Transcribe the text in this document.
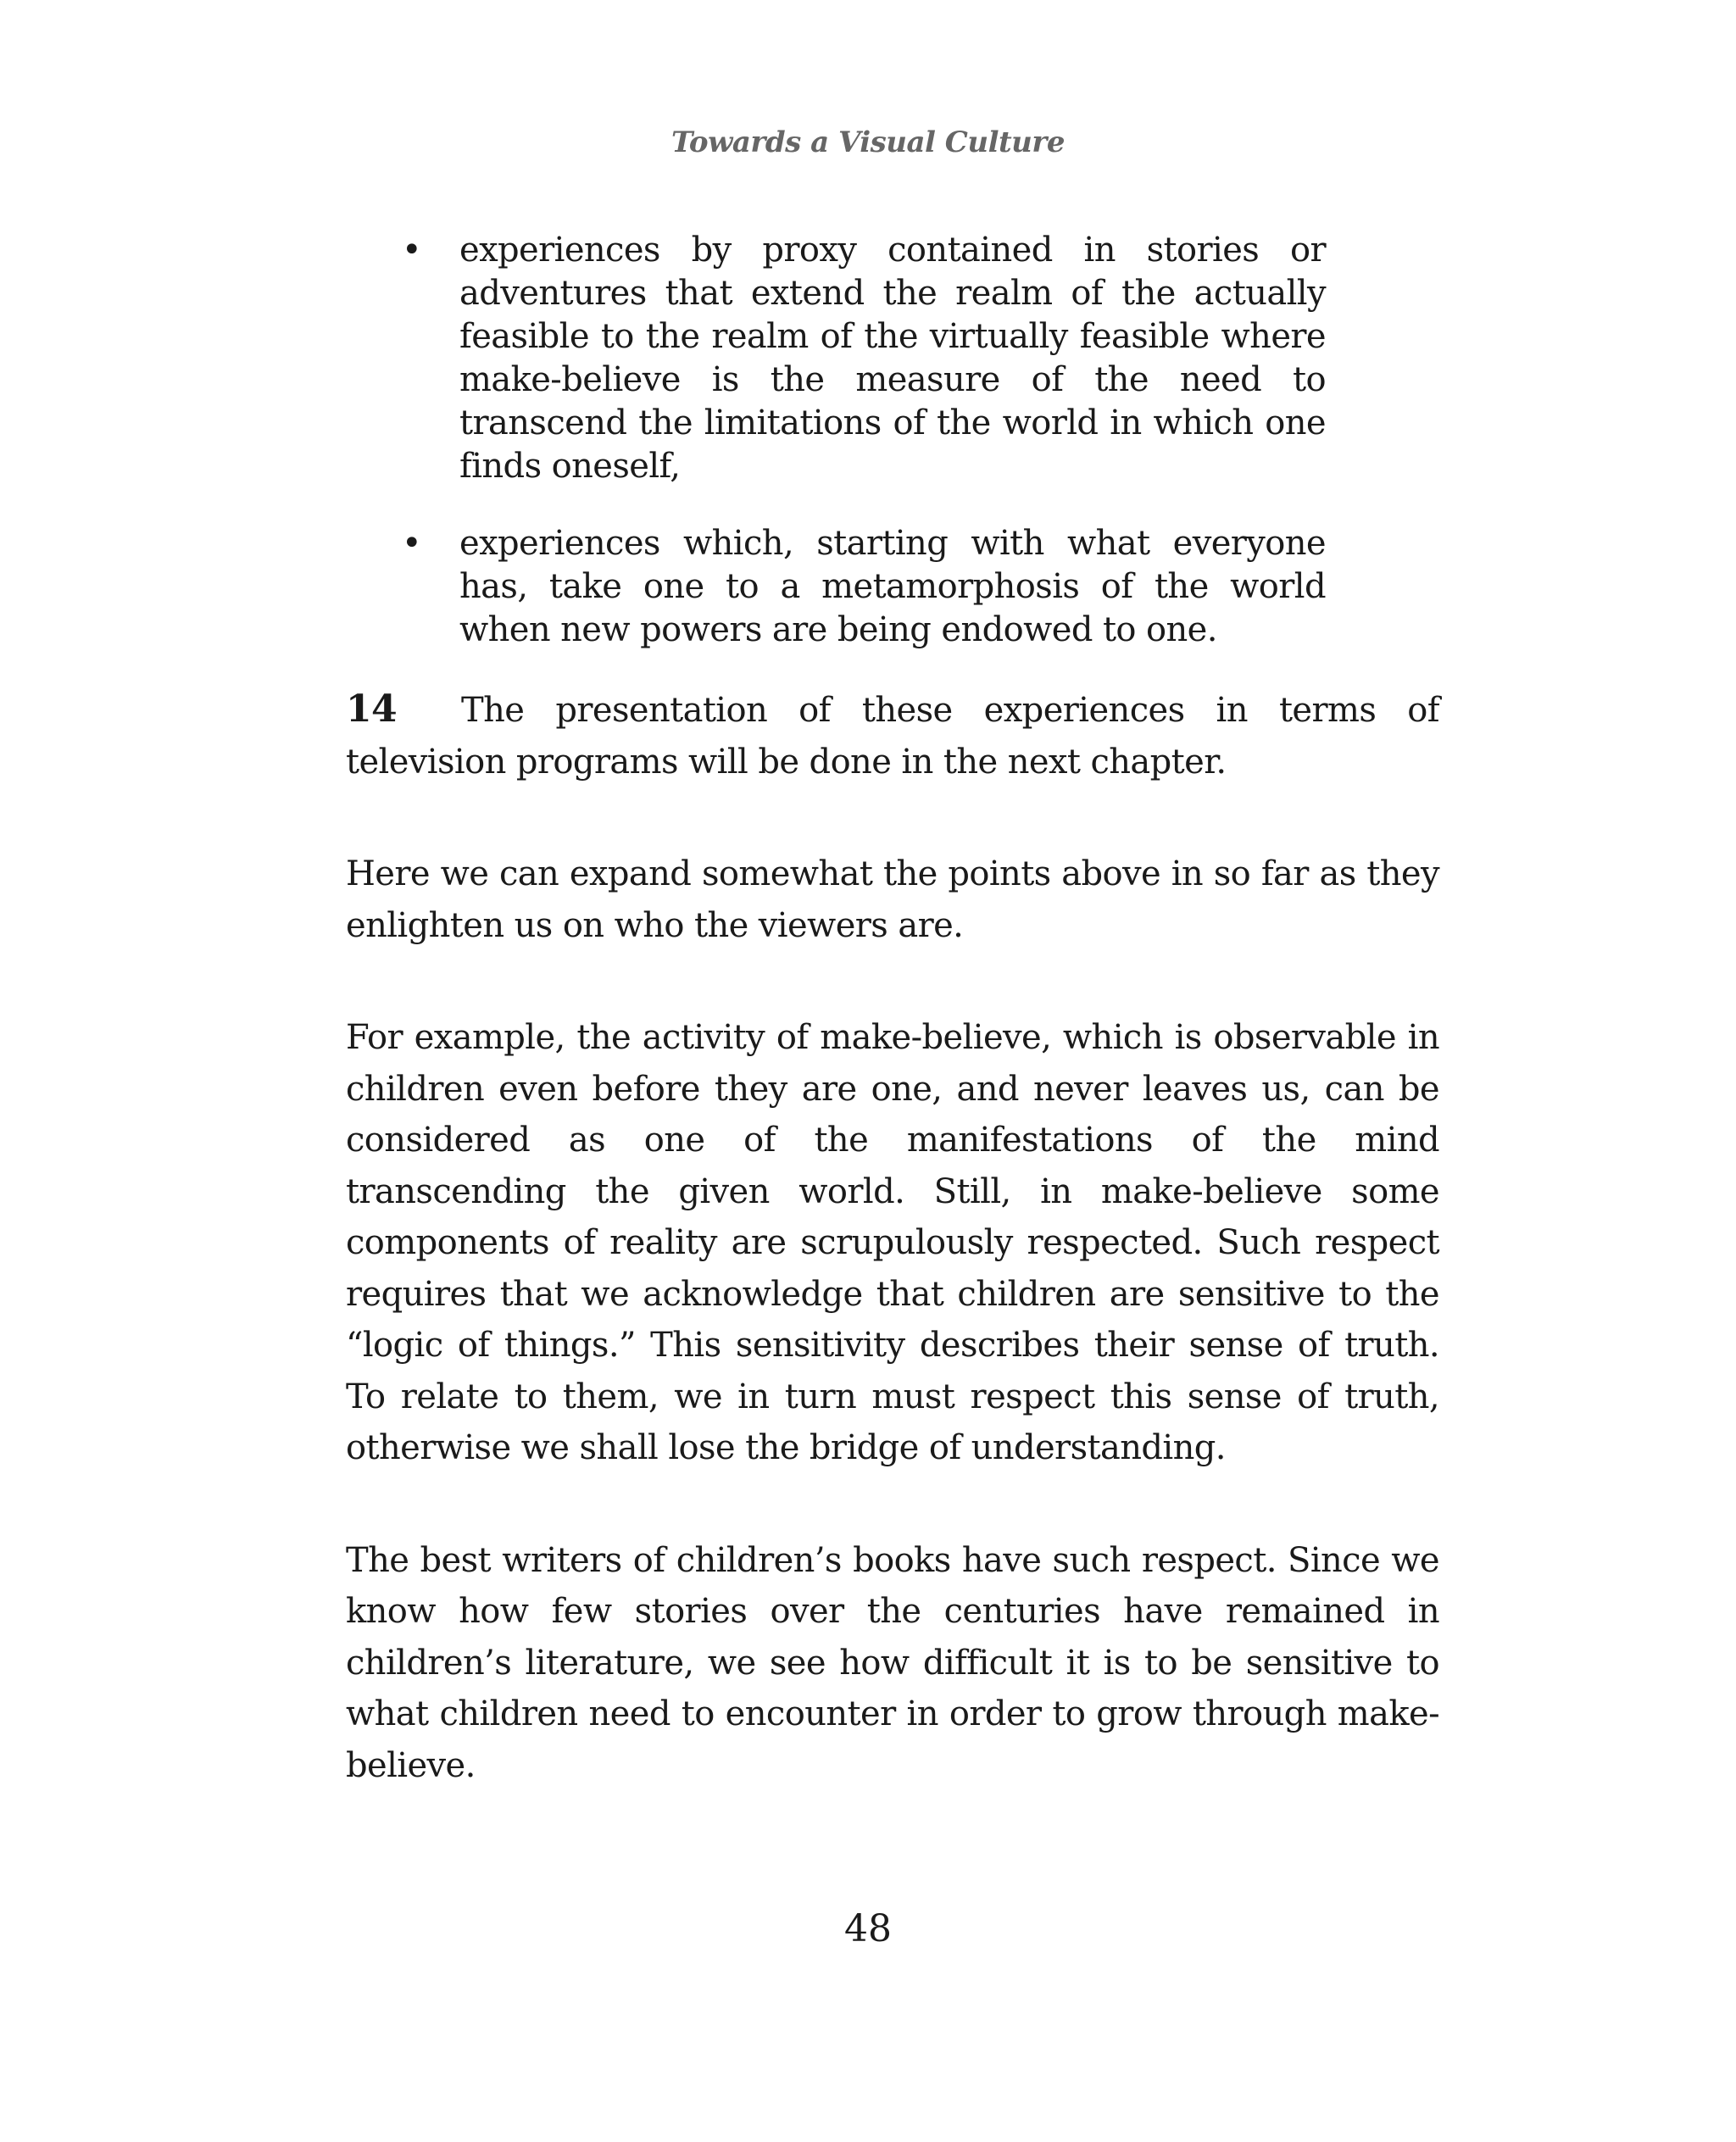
Towards a Visual Culture
• experiences by proxy contained in stories or adventures that extend the realm of the actually feasible to the realm of the virtually feasible where make-believe is the measure of the need to transcend the limitations of the world in which one finds oneself,
• experiences which, starting with what everyone has, take one to a metamorphosis of the world when new powers are being endowed to one.

14 The presentation of these experiences in terms of television programs will be done in the next chapter.

Here we can expand somewhat the points above in so far as they enlighten us on who the viewers are.

For example, the activity of make-believe, which is observable in children even before they are one, and never leaves us, can be considered as one of the manifestations of the mind transcending the given world. Still, in make-believe some components of reality are scrupulously respected. Such respect requires that we acknowledge that children are sensitive to the “logic of things.” This sensitivity describes their sense of truth. To relate to them, we in turn must respect this sense of truth, otherwise we shall lose the bridge of understanding.

The best writers of children’s books have such respect. Since we know how few stories over the centuries have remained in children’s literature, we see how difficult it is to be sensitive to what children need to encounter in order to grow through make-believe.

48
